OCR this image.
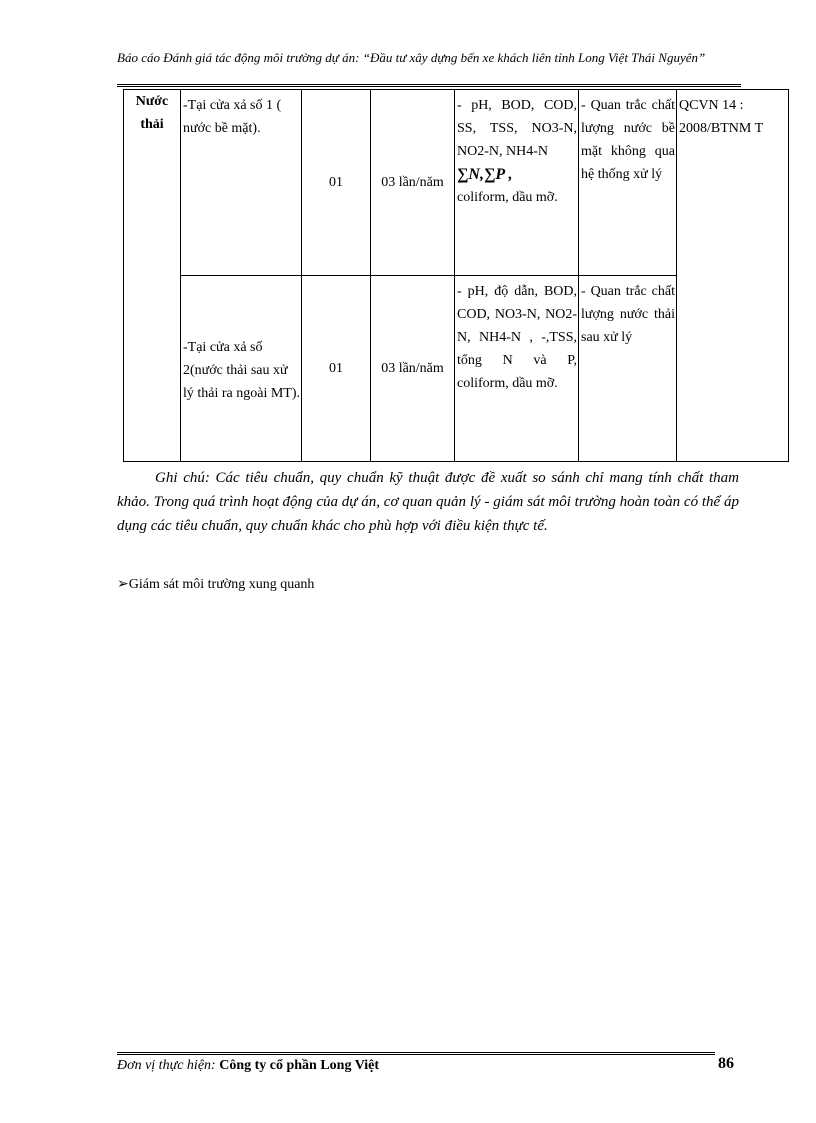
Báo cáo Đánh giá tác động môi trường dự án: “Đầu tư xây dựng bến xe khách liên tỉnh Long Việt Thái Nguyên”
Nước thải	-Tại cửa xả số 1 ( nước bề mặt).	01	03 lần/năm	- pH, BOD, COD, SS, TSS, NO3-N, NO2-N, NH4-N
∑N,∑P ,
coliform, dầu mỡ.	- Quan trắc chất lượng nước bề mặt không qua hệ thống xử lý	QCVN 14 : 2008/BTNM T
	-Tại cửa xả số 2(nước thải sau xử lý thải ra ngoài MT).	01	03 lần/năm	- pH, độ dẫn, BOD, COD, NO3-N, NO2-N, NH4-N , -,TSS, tổng N và P, coliform, dầu mỡ.	- Quan trắc chất lượng nước thải sau xử lý	
Ghi chú: Các tiêu chuẩn, quy chuẩn kỹ thuật được đề xuất so sánh chỉ mang tính chất tham khảo. Trong quá trình hoạt động của dự án, cơ quan quản lý - giám sát môi trường hoàn toàn có thể áp dụng các tiêu chuẩn, quy chuẩn khác cho phù hợp với điều kiện thực tế.
➢Giám sát môi trường xung quanh
Đơn vị thực hiện: Công ty cổ phần Long Việt	86
